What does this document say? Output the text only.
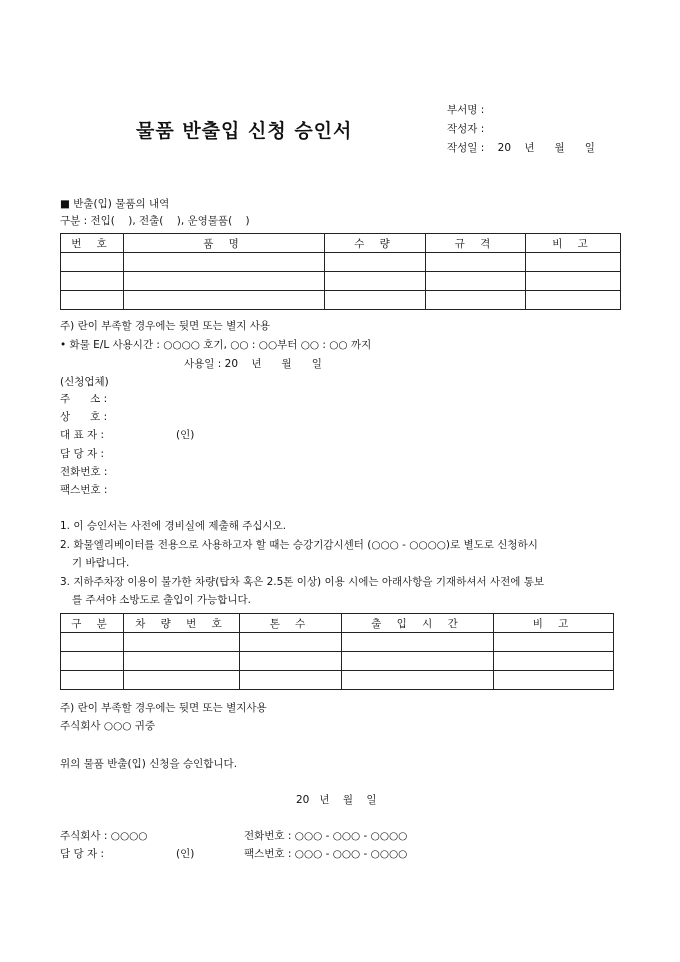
물품 반출입 신청 승인서
부서명 :
작성자 :
작성일 : 20    년      월      일
■ 반출(입) 물품의 내역
구분 : 전입(    ), 전출(    ), 운영물품(    )
번 호	품 명	수 량	규 격	비 고

주) 란이 부족할 경우에는 뒷면 또는 별지 사용
• 화물 E/L 사용시간 : ○○○○ 호기, ○○ : ○○부터 ○○ : ○○ 까지
사용일 : 20    년      월      일
(신청업체)
주      소 :
상      호 :
대 표 자 :	(인)
담 당 자 :
전화번호 :
팩스번호 :
1. 이 승인서는 사전에 경비실에 제출해 주십시오.
2. 화물엘리베이터를 전용으로 사용하고자 할 때는 승강기감시센터 (○○○ - ○○○○)로 별도로 신청하시
기 바랍니다.
3. 지하주차장 이용이 불가한 차량(탑차 혹은 2.5톤 이상) 이용 시에는 아래사항을 기재하셔서 사전에 통보
를 주셔야 소방도로 출입이 가능합니다.
구 분	차 량 번 호	톤 수	출 입 시 간	비 고

주) 란이 부족할 경우에는 뒷면 또는 별지사용
주식회사 ○○○ 귀중
위의 물품 반출(입) 신청을 승인합니다.
20   년    월    일
주식회사 : ○○○○
담 당 자 :	(인)
전화번호 : ○○○ - ○○○ - ○○○○
팩스번호 : ○○○ - ○○○ - ○○○○
